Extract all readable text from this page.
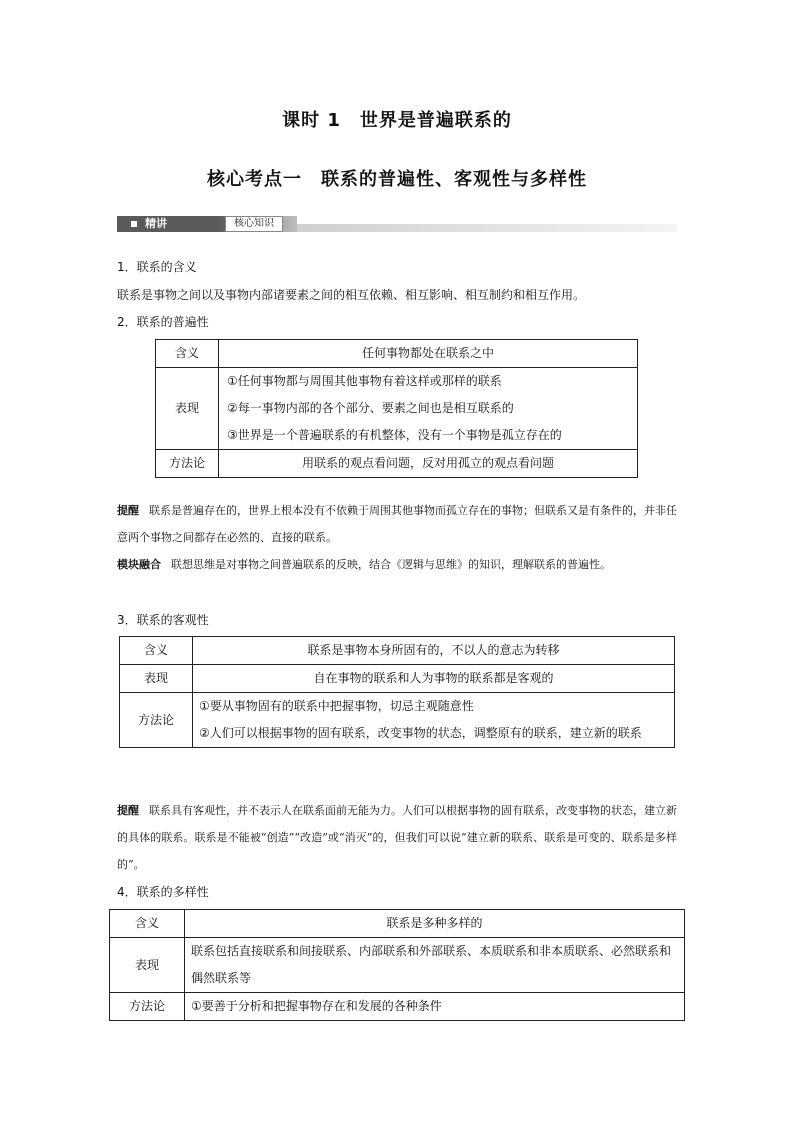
课时 1　世界是普遍联系的
核心考点一　联系的普遍性、客观性与多样性
精讲	核心知识
1．联系的含义
联系是事物之间以及事物内部诸要素之间的相互依赖、相互影响、相互制约和相互作用。
2．联系的普遍性
含义	任何事物都处在联系之中
表现	①任何事物都与周围其他事物有着这样或那样的联系
②每一事物内部的各个部分、要素之间也是相互联系的
③世界是一个普遍联系的有机整体，没有一个事物是孤立存在的

方法论	用联系的观点看问题，反对用孤立的观点看问题
提醒 联系是普遍存在的，世界上根本没有不依赖于周围其他事物而孤立存在的事物；但联系又是有条件的，并非任意两个事物之间都存在必然的、直接的联系。
模块融合 联想思维是对事物之间普遍联系的反映，结合《逻辑与思维》的知识，理解联系的普遍性。
3．联系的客观性
含义	联系是事物本身所固有的，不以人的意志为转移
表现	自在事物的联系和人为事物的联系都是客观的
方法论	①要从事物固有的联系中把握事物，切忌主观随意性
②人们可以根据事物的固有联系，改变事物的状态，调整原有的联系，建立新的联系
提醒 联系具有客观性，并不表示人在联系面前无能为力。人们可以根据事物的固有联系，改变事物的状态，建立新的具体的联系。联系是不能被“创造”“改造”或“消灭”的，但我们可以说“建立新的联系、联系是可变的、联系是多样的”。
4．联系的多样性
含义	联系是多种多样的
表现	联系包括直接联系和间接联系、内部联系和外部联系、本质联系和非本质联系、必然联系和偶然联系等
方法论	①要善于分析和把握事物存在和发展的各种条件
